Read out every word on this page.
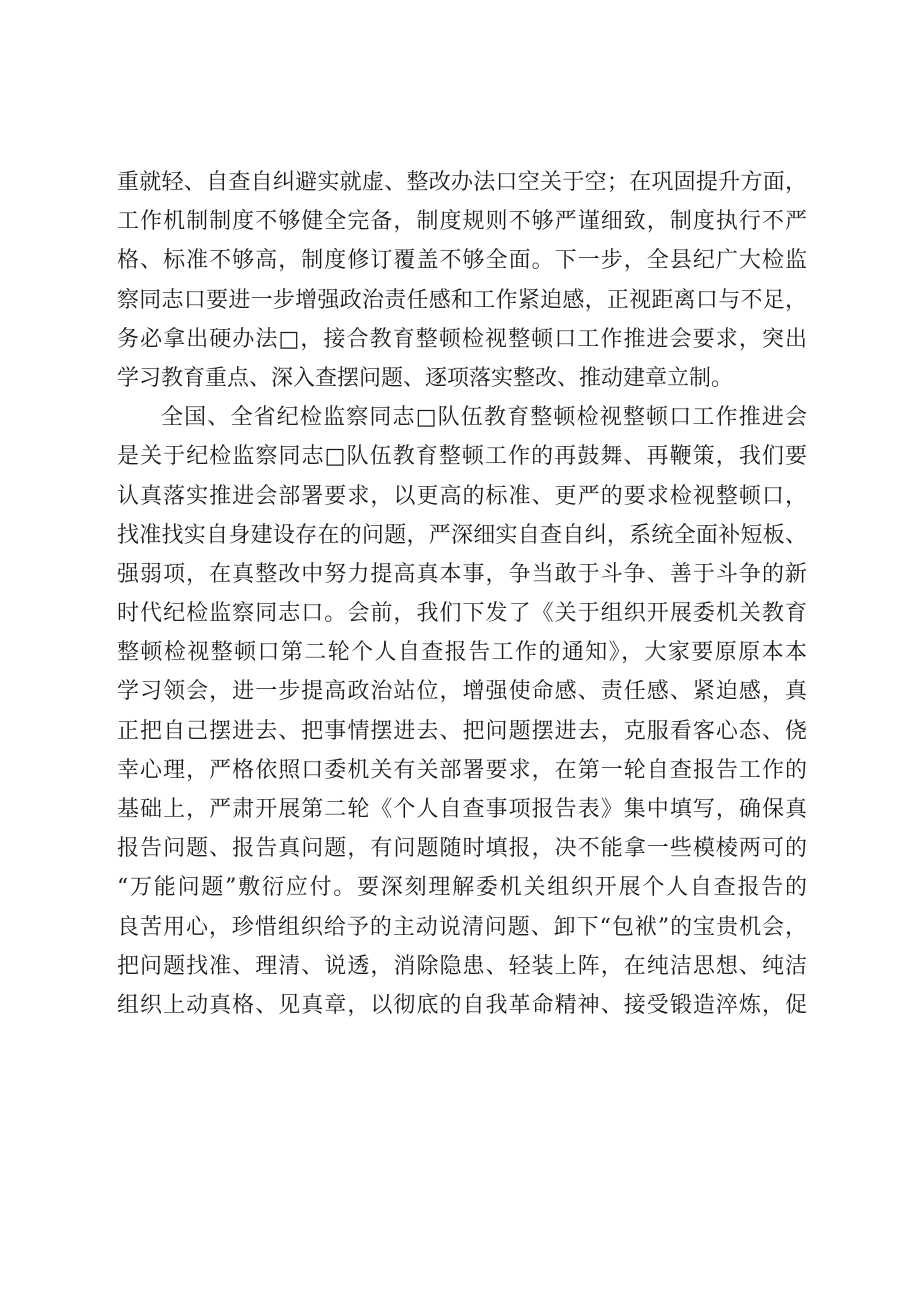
重就轻、自查自纠避实就虚、整改办法口空关于空；在巩固提升方面，
工作机制制度不够健全完备，制度规则不够严谨细致，制度执行不严
格、标准不够高，制度修订覆盖不够全面。下一步，全县纪广大检监
察同志口要进一步增强政治责任感和工作紧迫感，正视距离口与不足，
务必拿出硬办法□，接合教育整顿检视整顿口工作推进会要求，突出
学习教育重点、深入查摆问题、逐项落实整改、推动建章立制。
全国、全省纪检监察同志□队伍教育整顿检视整顿口工作推进会
是关于纪检监察同志□队伍教育整顿工作的再鼓舞、再鞭策，我们要
认真落实推进会部署要求，以更高的标准、更严的要求检视整顿口，
找准找实自身建设存在的问题，严深细实自查自纠，系统全面补短板、
强弱项，在真整改中努力提高真本事，争当敢于斗争、善于斗争的新
时代纪检监察同志口。会前，我们下发了《关于组织开展委机关教育
整顿检视整顿口第二轮个人自查报告工作的通知》，大家要原原本本
学习领会，进一步提高政治站位，增强使命感、责任感、紧迫感，真
正把自己摆进去、把事情摆进去、把问题摆进去，克服看客心态、侥
幸心理，严格依照口委机关有关部署要求，在第一轮自查报告工作的
基础上，严肃开展第二轮《个人自查事项报告表》集中填写，确保真
报告问题、报告真问题，有问题随时填报，决不能拿一些模棱两可的
“万能问题”敷衍应付。要深刻理解委机关组织开展个人自查报告的
良苦用心，珍惜组织给予的主动说清问题、卸下“包袱”的宝贵机会，
把问题找准、理清、说透，消除隐患、轻装上阵，在纯洁思想、纯洁
组织上动真格、见真章，以彻底的自我革命精神、接受锻造淬炼，促
